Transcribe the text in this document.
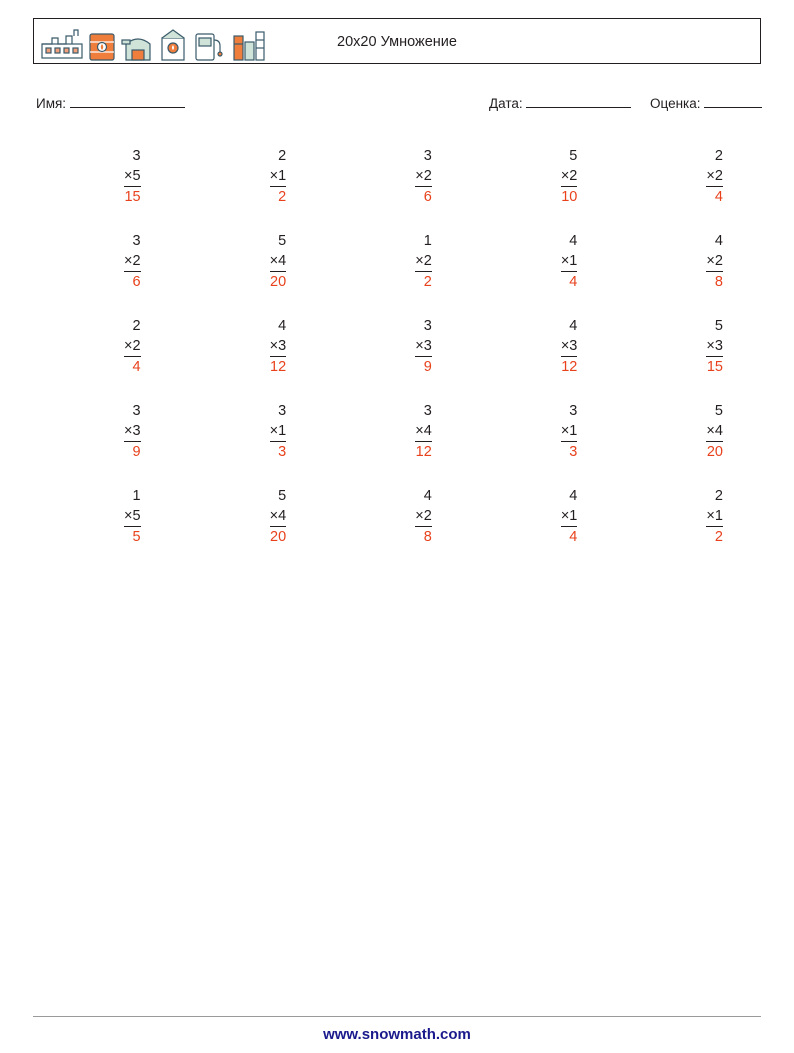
20x20 Умножение
Имя:	Дата:	Оценка:
3
×5
15
2
×1
2
3
×2
6
5
×2
10
2
×2
4
3
×2
6
5
×4
20
1
×2
2
4
×1
4
4
×2
8
2
×2
4
4
×3
12
3
×3
9
4
×3
12
5
×3
15
3
×3
9
3
×1
3
3
×4
12
3
×1
3
5
×4
20
1
×5
5
5
×4
20
4
×2
8
4
×1
4
2
×1
2
www.snowmath.com
